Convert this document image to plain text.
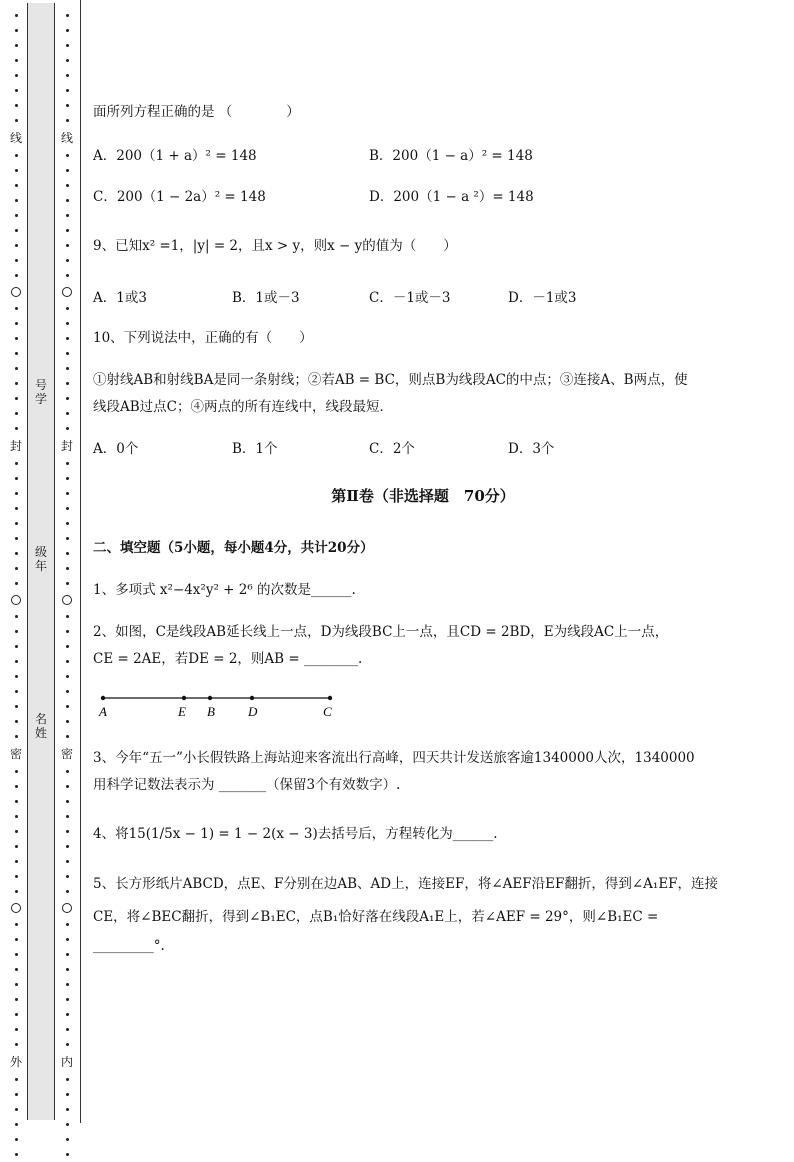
线
封
密
外
线
封
密
内
号学
级年
名姓
面所列方程正确的是 （　　　　）
A．200（1 + a）² = 148	B．200（1 − a）² = 148
C．200（1 − 2a）² = 148	D．200（1 − a ²）= 148
9、已知x² =1，|y| = 2，且x > y，则x − y的值为（　　）
A．1或3	B．1或－3	C．－1或－3	D．－1或3
10、下列说法中，正确的有（　　）
①射线AB和射线BA是同一条射线；②若AB = BC，则点B为线段AC的中点；③连接A、B两点，使
线段AB过点C；④两点的所有连线中，线段最短．
A．0个	B．1个	C．2个	D．3个
第Ⅱ卷（非选择题　70分）
二、填空题（5小题，每小题4分，共计20分）
1、多项式 x²−4x²y² + 2⁶ 的次数是______.
2、如图，C是线段AB延长线上一点，D为线段BC上一点，且CD = 2BD，E为线段AC上一点，
CE = 2AE，若DE = 2，则AB = ________.
A	E B	D	C
3、今年“五一”小长假铁路上海站迎来客流出行高峰，四天共计发送旅客逾1340000人次，1340000
用科学记数法表示为 _______（保留3个有效数字）.
4、将15(1/5x − 1) = 1 − 2(x − 3)去括号后，方程转化为______.
5、长方形纸片ABCD，点E、F分别在边AB、AD上，连接EF，将∠AEF沿EF翻折，得到∠A₁EF，连接
CE，将∠BEC翻折，得到∠B₁EC，点B₁恰好落在线段A₁E上，若∠AEF = 29°，则∠B₁EC =
_________°.
